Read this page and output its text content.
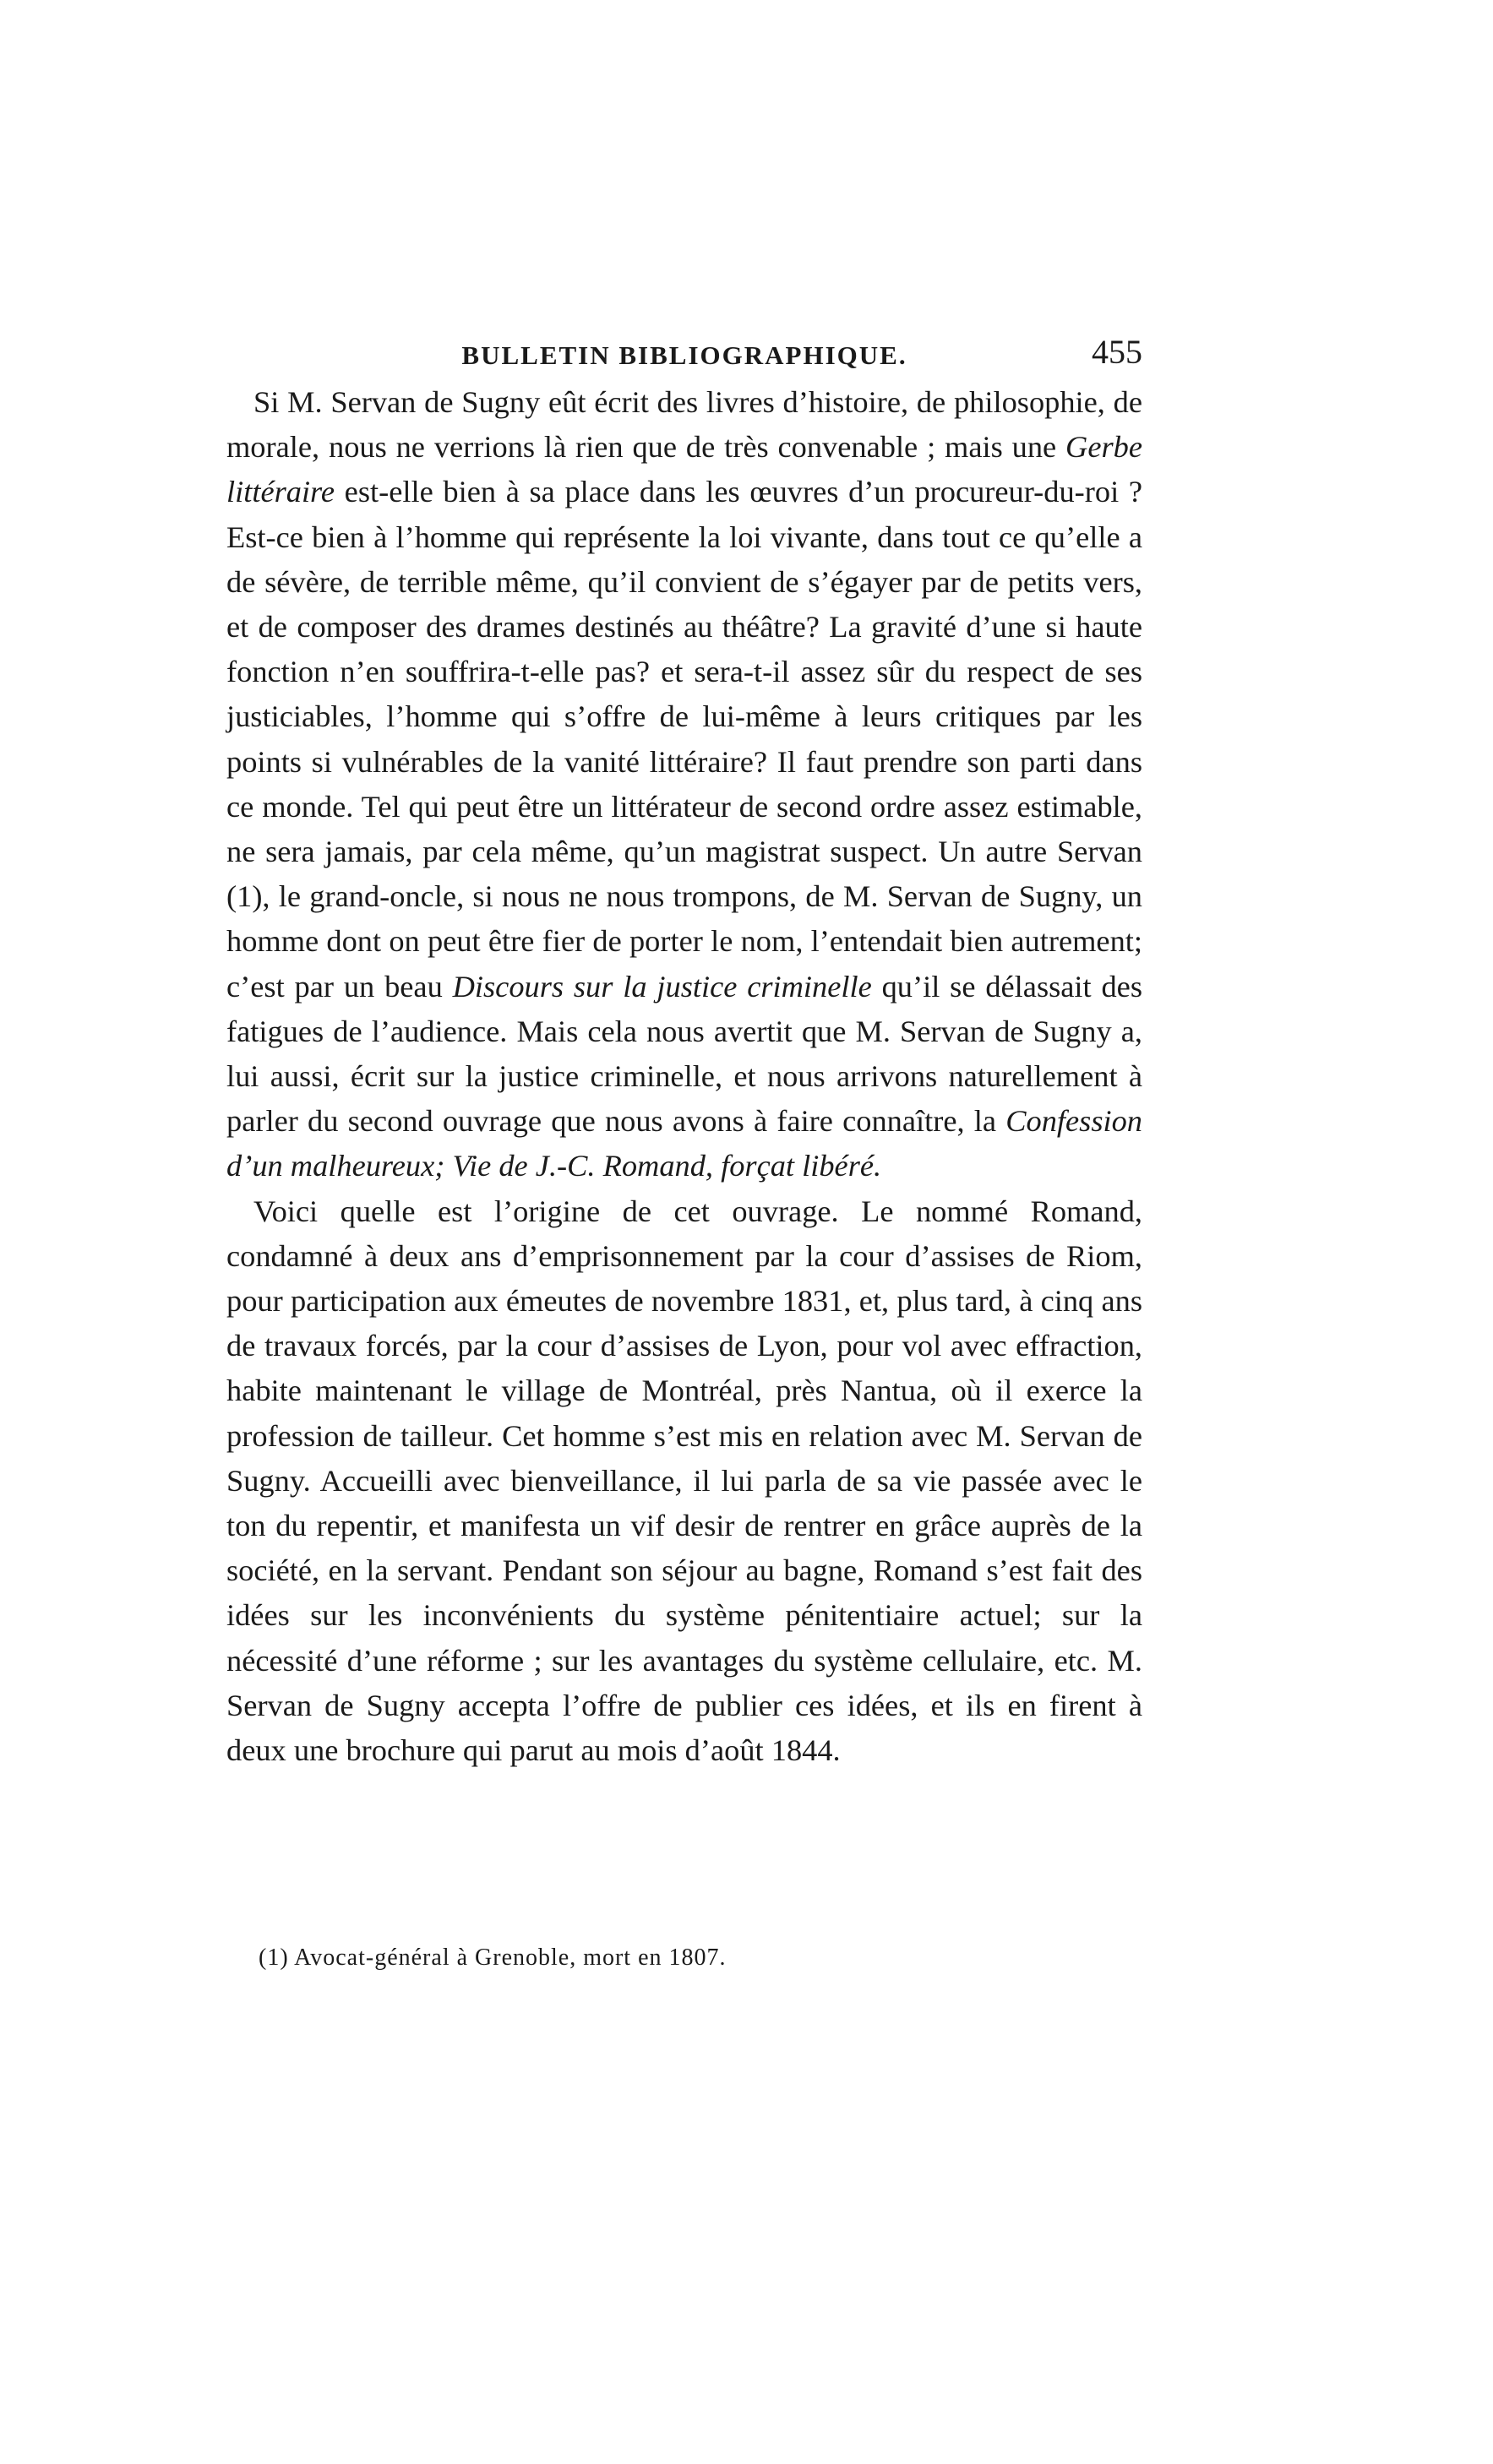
BULLETIN BIBLIOGRAPHIQUE.	455

Si M. Servan de Sugny eût écrit des livres d’histoire, de philosophie, de morale, nous ne verrions là rien que de très convenable ; mais une Gerbe littéraire est-elle bien à sa place dans les œuvres d’un procureur-du-roi ? Est-ce bien à l’homme qui représente la loi vivante, dans tout ce qu’elle a de sévère, de terrible même, qu’il convient de s’égayer par de petits vers, et de composer des drames destinés au théâtre? La gravité d’une si haute fonction n’en souffrira-t-elle pas? et sera-t-il assez sûr du respect de ses justiciables, l’homme qui s’offre de lui-même à leurs critiques par les points si vulnérables de la vanité littéraire? Il faut prendre son parti dans ce monde. Tel qui peut être un littérateur de second ordre assez estimable, ne sera jamais, par cela même, qu’un magistrat suspect. Un autre Servan (1), le grand-oncle, si nous ne nous trompons, de M. Servan de Sugny, un homme dont on peut être fier de porter le nom, l’entendait bien autrement; c’est par un beau Discours sur la justice criminelle qu’il se délassait des fatigues de l’audience. Mais cela nous avertit que M. Servan de Sugny a, lui aussi, écrit sur la justice criminelle, et nous arrivons naturellement à parler du second ouvrage que nous avons à faire connaître, la Confession d’un malheureux; Vie de J.-C. Romand, forçat libéré.

Voici quelle est l’origine de cet ouvrage. Le nommé Romand, condamné à deux ans d’emprisonnement par la cour d’assises de Riom, pour participation aux émeutes de novembre 1831, et, plus tard, à cinq ans de travaux forcés, par la cour d’assises de Lyon, pour vol avec effraction, habite maintenant le village de Montréal, près Nantua, où il exerce la profession de tailleur. Cet homme s’est mis en relation avec M. Servan de Sugny. Accueilli avec bienveillance, il lui parla de sa vie passée avec le ton du repentir, et manifesta un vif desir de rentrer en grâce auprès de la société, en la servant. Pendant son séjour au bagne, Romand s’est fait des idées sur les inconvénients du système pénitentiaire actuel; sur la nécessité d’une réforme ; sur les avantages du système cellulaire, etc. M. Servan de Sugny accepta l’offre de publier ces idées, et ils en firent à deux une brochure qui parut au mois d’août 1844.

(1) Avocat-général à Grenoble, mort en 1807.
